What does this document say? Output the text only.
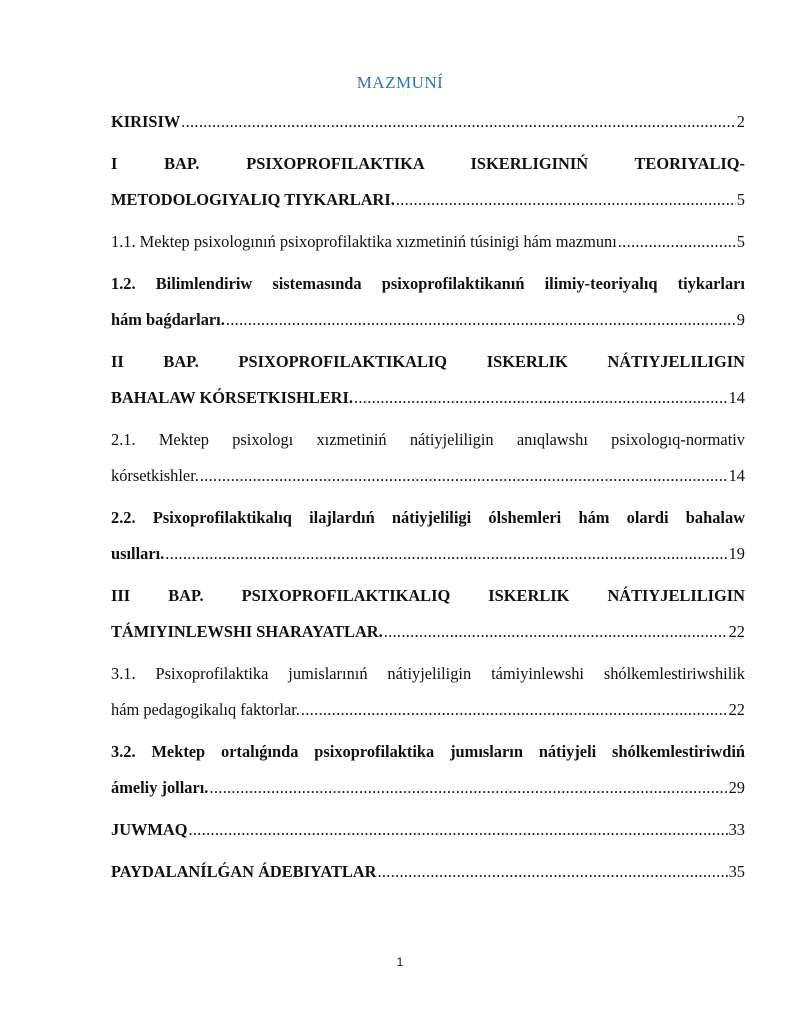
MAZMUNÍ
KIRISIW .....	2
I BAP. PSIXOPROFILAKTIKA ISKERLIGINIŃ TEORIYALIQ-
METODOLOGIYALIQ TIYKARLARI. .....	5
1.1. Mektep psixologınıń psixoprofilaktika xızmetiniń túsinigi hám mazmunı .....	5
1.2. Bilimlendiriw sistemasında psixoprofilaktikanıń ilimiy-teoriyalıq tiykarları
hám baǵdarları. .....	9
II BAP. PSIXOPROFILAKTIKALIQ ISKERLIK NÁTIYJELILIGIN
BAHALAW KÓRSETKISHLERI. .....	14
2.1. Mektep psixologı xızmetiniń nátiyjeliligin anıqlawshı psixologıq-normativ
kórsetkishler. .....	14
2.2. Psixoprofilaktikalıq ilajlardıń nátiyjeliligi ólshemleri hám olardi bahalaw
usılları. .....	19
III BAP. PSIXOPROFILAKTIKALIQ ISKERLIK NÁTIYJELILIGIN
TÁMIYINLEWSHI SHARAYATLAR. .....	22
3.1. Psixoprofilaktika jumislarınıń nátiyjeliligin támiyinlewshi shólkemlestiriwshilik
hám pedagogikalıq faktorlar. .....	22
3.2. Mektep ortalıǵında psixoprofilaktika jumısların nátiyjeli shólkemlestiriwdiń
ámeliy jolları. .....	29
JUWMAQ .....	33
PAYDALANÍLǴAN ÁDEBIYATLAR .....	35
1
